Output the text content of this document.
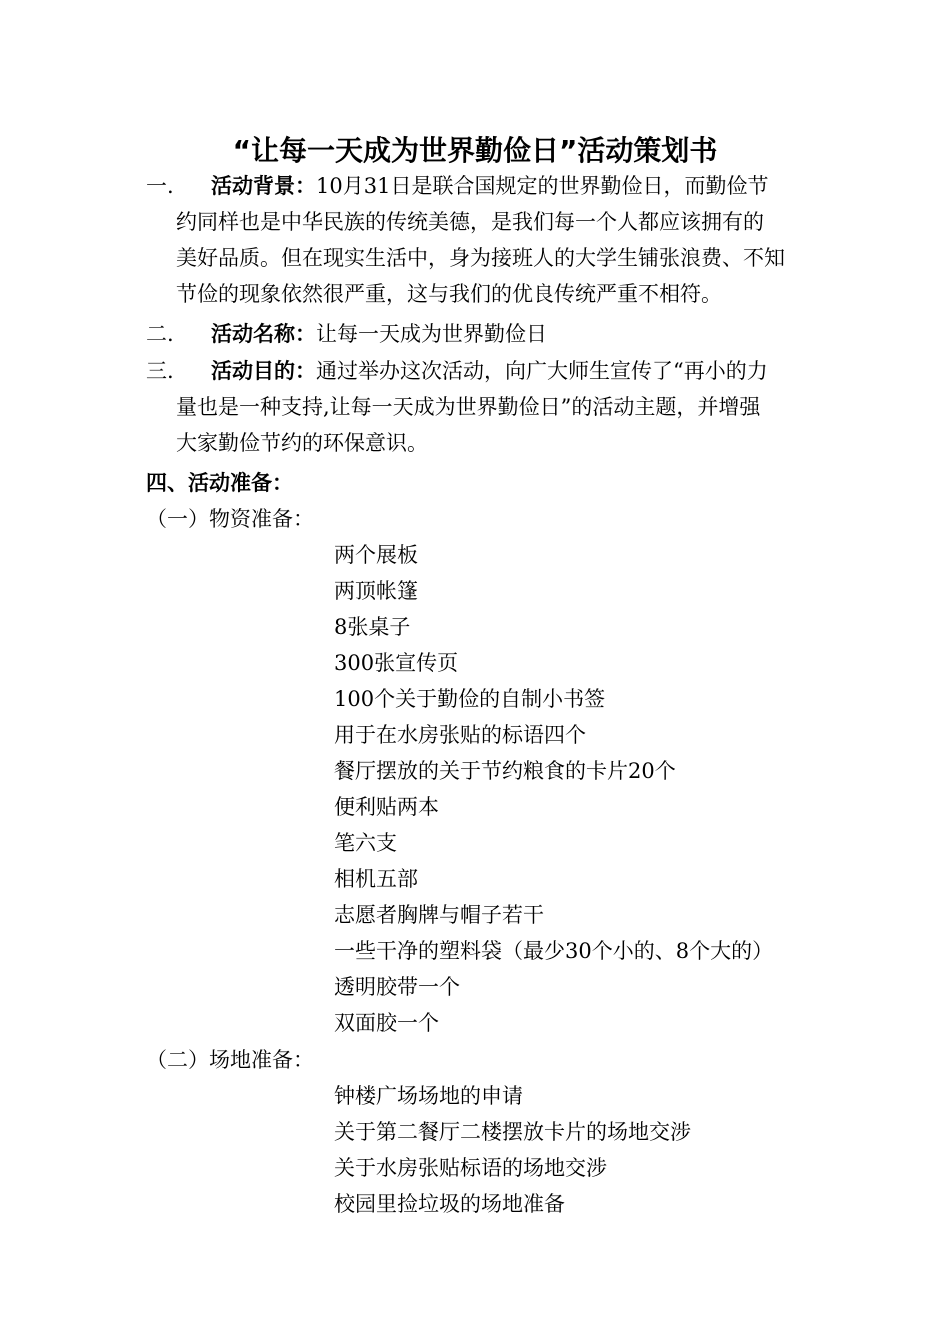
“让每一天成为世界勤俭日”活动策划书
一. 活动背景：10月31日是联合国规定的世界勤俭日，而勤俭节
约同样也是中华民族的传统美德，是我们每一个人都应该拥有的
美好品质。但在现实生活中，身为接班人的大学生铺张浪费、不知
节俭的现象依然很严重，这与我们的优良传统严重不相符。
二. 活动名称：让每一天成为世界勤俭日
三. 活动目的：通过举办这次活动，向广大师生宣传了“再小的力
量也是一种支持,让每一天成为世界勤俭日”的活动主题，并增强
大家勤俭节约的环保意识。
四、活动准备：
（一）物资准备：
两个展板
两顶帐篷
8张桌子
300张宣传页
100个关于勤俭的自制小书签
用于在水房张贴的标语四个
餐厅摆放的关于节约粮食的卡片20个
便利贴两本
笔六支
相机五部
志愿者胸牌与帽子若干
一些干净的塑料袋（最少30个小的、8个大的）
透明胶带一个
双面胶一个
（二）场地准备：
钟楼广场场地的申请
关于第二餐厅二楼摆放卡片的场地交涉
关于水房张贴标语的场地交涉
校园里捡垃圾的场地准备
